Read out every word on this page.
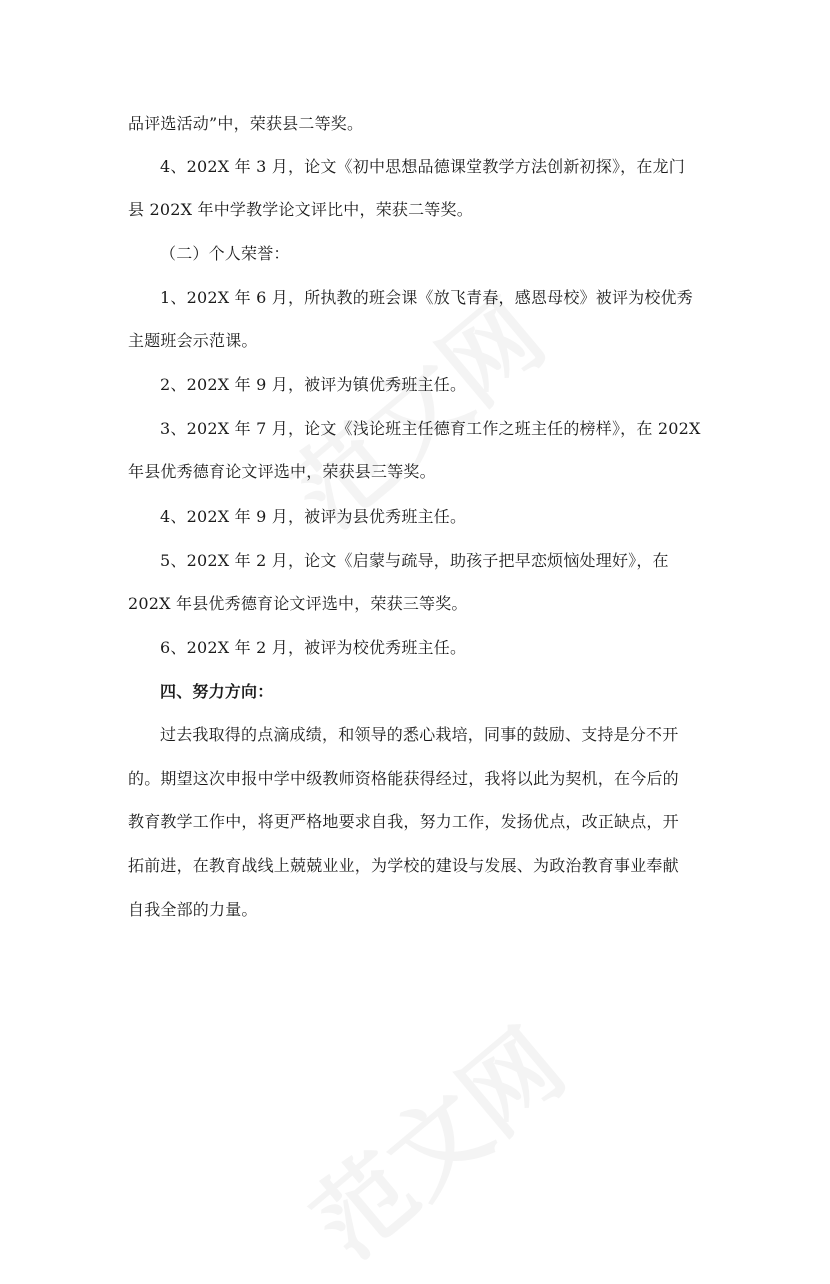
品评选活动”中，荣获县二等奖。
4、202X 年 3 月，论文《初中思想品德课堂教学方法创新初探》，在龙门
县 202X 年中学教学论文评比中，荣获二等奖。
（二）个人荣誉：
1、202X 年 6 月，所执教的班会课《放飞青春，感恩母校》被评为校优秀
主题班会示范课。
2、202X 年 9 月，被评为镇优秀班主任。
3、202X 年 7 月，论文《浅论班主任德育工作之班主任的榜样》，在 202X
年县优秀德育论文评选中，荣获县三等奖。
4、202X 年 9 月，被评为县优秀班主任。
5、202X 年 2 月，论文《启蒙与疏导，助孩子把早恋烦恼处理好》，在
202X 年县优秀德育论文评选中，荣获三等奖。
6、202X 年 2 月，被评为校优秀班主任。
四、努力方向：
过去我取得的点滴成绩，和领导的悉心栽培，同事的鼓励、支持是分不开
的。期望这次申报中学中级教师资格能获得经过，我将以此为契机，在今后的
教育教学工作中，将更严格地要求自我，努力工作，发扬优点，改正缺点，开
拓前进，在教育战线上兢兢业业，为学校的建设与发展、为政治教育事业奉献
自我全部的力量。
